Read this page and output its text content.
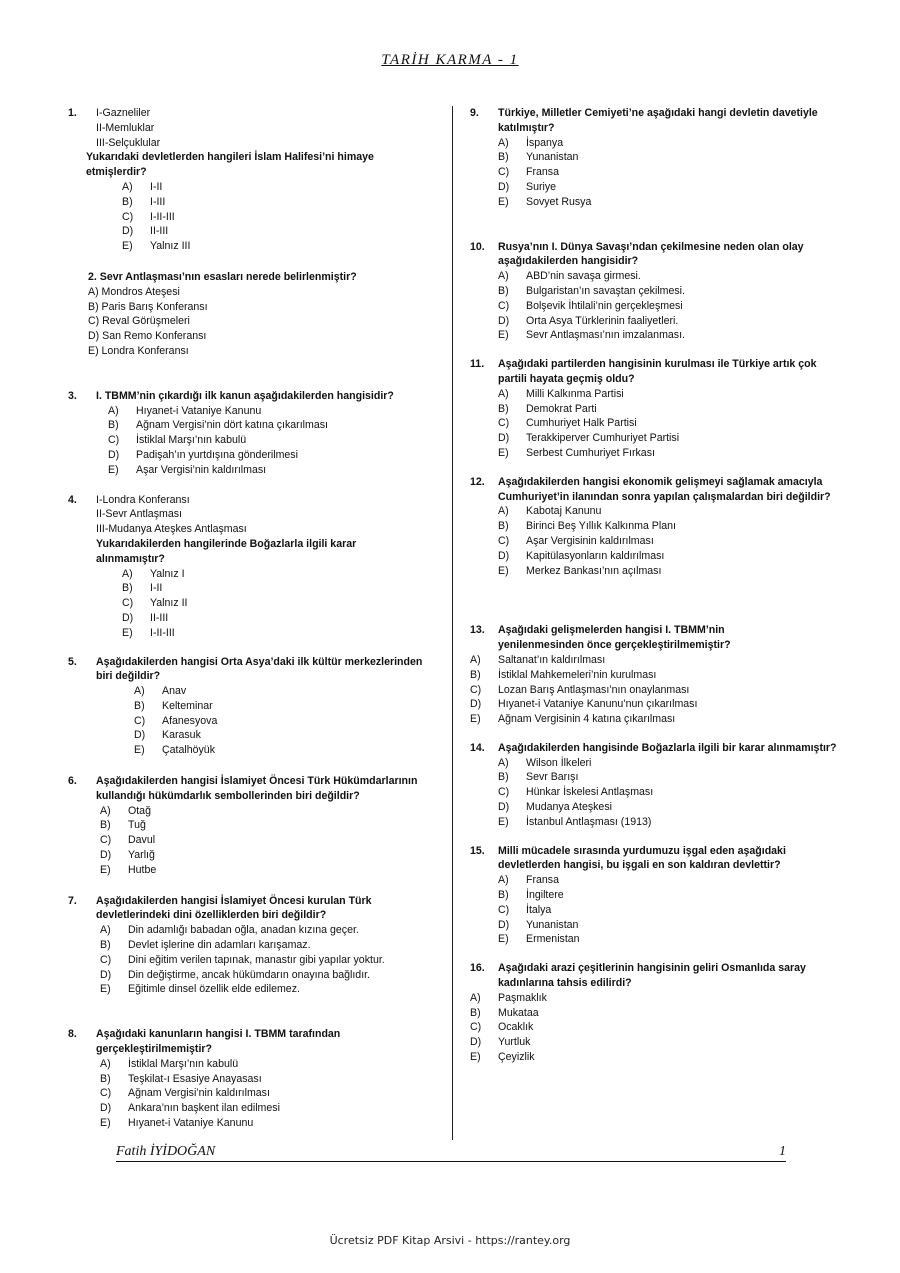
TARİH KARMA - 1
1. I-Gazneliler
II-Memluklar
III-Selçuklular
Yukarıdaki devletlerden hangileri İslam Halifesi’ni himaye etmişlerdir?
A) I-II
B) I-III
C) I-II-III
D) II-III
E) Yalnız III
2. Sevr Antlaşması’nın esasları nerede belirlenmiştir?
A) Mondros Ateşesi
B) Paris Barış Konferansı
C) Reval Görüşmeleri
D) San Remo Konferansı
E) Londra Konferansı
3. I. TBMM’nin çıkardığı ilk kanun aşağıdakilerden hangisidir?
A) Hıyanet-i Vataniye Kanunu
B) Ağnam Vergisi’nin dört katına çıkarılması
C) İstiklal Marşı’nın kabulü
D) Padişah’ın yurtdışına gönderilmesi
E) Aşar Vergisi’nin kaldırılması
4. I-Londra Konferansı
II-Sevr Antlaşması
III-Mudanya Ateşkes Antlaşması
Yukarıdakilerden hangilerinde Boğazlarla ilgili karar alınmamıştır?
A) Yalnız I
B) I-II
C) Yalnız II
D) II-III
E) I-II-III
5. Aşağıdakilerden hangisi Orta Asya’daki ilk kültür merkezlerinden biri değildir?
A) Anav
B) Kelteminar
C) Afanesyova
D) Karasuk
E) Çatalhöyük
6. Aşağıdakilerden hangisi İslamiyet Öncesi Türk Hükümdarlarının kullandığı hükümdarlık sembollerinden biri değildir?
A) Otağ
B) Tuğ
C) Davul
D) Yarlığ
E) Hutbe
7. Aşağıdakilerden hangisi İslamiyet Öncesi kurulan Türk devletlerindeki dini özelliklerden biri değildir?
A) Din adamlığı babadan oğla, anadan kızına geçer.
B) Devlet işlerine din adamları karışamaz.
C) Dini eğitim verilen tapınak, manastır gibi yapılar yoktur.
D) Din değiştirme, ancak hükümdarın onayına bağlıdır.
E) Eğitimle dinsel özellik elde edilemez.
8. Aşağıdaki kanunların hangisi I. TBMM tarafından gerçekleştirilmemiştir?
A) İstiklal Marşı’nın kabulü
B) Teşkilat-ı Esasiye Anayasası
C) Ağnam Vergisi’nin kaldırılması
D) Ankara’nın başkent ilan edilmesi
E) Hıyanet-i Vataniye Kanunu
9. Türkiye, Milletler Cemiyeti’ne aşağıdaki hangi devletin davetiyle katılmıştır?
A) İspanya
B) Yunanistan
C) Fransa
D) Suriye
E) Sovyet Rusya
10. Rusya’nın I. Dünya Savaşı’ndan çekilmesine neden olan olay aşağıdakilerden hangisidir?
A) ABD’nin savaşa girmesi.
B) Bulgaristan’ın savaştan çekilmesi.
C) Bolşevik İhtilali’nin gerçekleşmesi
D) Orta Asya Türklerinin faaliyetleri.
E) Sevr Antlaşması’nın imzalanması.
11. Aşağıdaki partilerden hangisinin kurulması ile Türkiye artık çok partili hayata geçmiş oldu?
A) Milli Kalkınma Partisi
B) Demokrat Parti
C) Cumhuriyet Halk Partisi
D) Terakkiperver Cumhuriyet Partisi
E) Serbest Cumhuriyet Fırkası
12. Aşağıdakilerden hangisi ekonomik gelişmeyi sağlamak amacıyla Cumhuriyet’in ilanından sonra yapılan çalışmalardan biri değildir?
A) Kabotaj Kanunu
B) Birinci Beş Yıllık Kalkınma Planı
C) Aşar Vergisinin kaldırılması
D) Kapitülasyonların kaldırılması
E) Merkez Bankası’nın açılması
13. Aşağıdaki gelişmelerden hangisi I. TBMM’nin yenilenmesinden önce gerçekleştirilmemiştir?
A) Saltanat’ın kaldırılması
B) İstiklal Mahkemeleri’nin kurulması
C) Lozan Barış Antlaşması’nın onaylanması
D) Hıyanet-i Vataniye Kanunu’nun çıkarılması
E) Ağnam Vergisinin 4 katına çıkarılması
14. Aşağıdakilerden hangisinde Boğazlarla ilgili bir karar alınmamıştır?
A) Wilson İlkeleri
B) Sevr Barışı
C) Hünkar İskelesi Antlaşması
D) Mudanya Ateşkesi
E) İstanbul Antlaşması (1913)
15. Milli mücadele sırasında yurdumuzu işgal eden aşağıdaki devletlerden hangisi, bu işgali en son kaldıran devlettir?
A) Fransa
B) İngiltere
C) İtalya
D) Yunanistan
E) Ermenistan
16. Aşağıdaki arazi çeşitlerinin hangisinin geliri Osmanlıda saray kadınlarına tahsis edilirdi?
A) Paşmaklık
B) Mukataa
C) Ocaklık
D) Yurtluk
E) Çeyizlik
Fatih İYİDOĞAN	1
Ücretsiz PDF Kitap Arsivi - https://rantey.org
